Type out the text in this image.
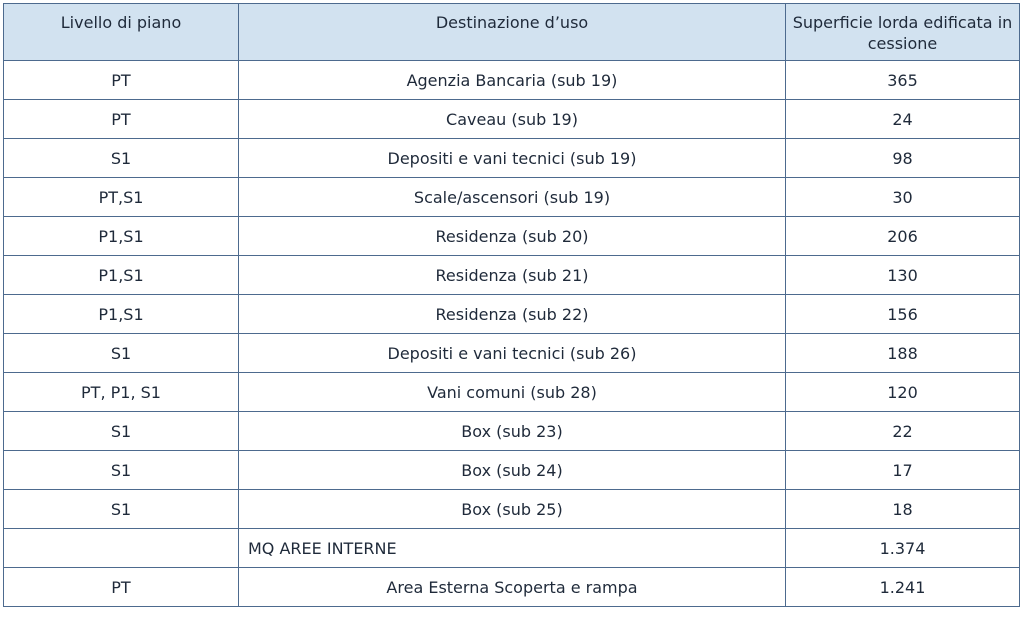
Livello di piano	Destinazione d’uso	Superficie lorda edificata in cessione
PT	Agenzia Bancaria (sub 19)	365
PT	Caveau (sub 19)	24
S1	Depositi e vani tecnici (sub 19)	98
PT,S1	Scale/ascensori (sub 19)	30
P1,S1	Residenza (sub 20)	206
P1,S1	Residenza (sub 21)	130
P1,S1	Residenza (sub 22)	156
S1	Depositi e vani tecnici (sub 26)	188
PT, P1, S1	Vani comuni (sub 28)	120
S1	Box (sub 23)	22
S1	Box (sub 24)	17
S1	Box (sub 25)	18
	MQ AREE INTERNE	1.374
PT	Area Esterna Scoperta e rampa	1.241
